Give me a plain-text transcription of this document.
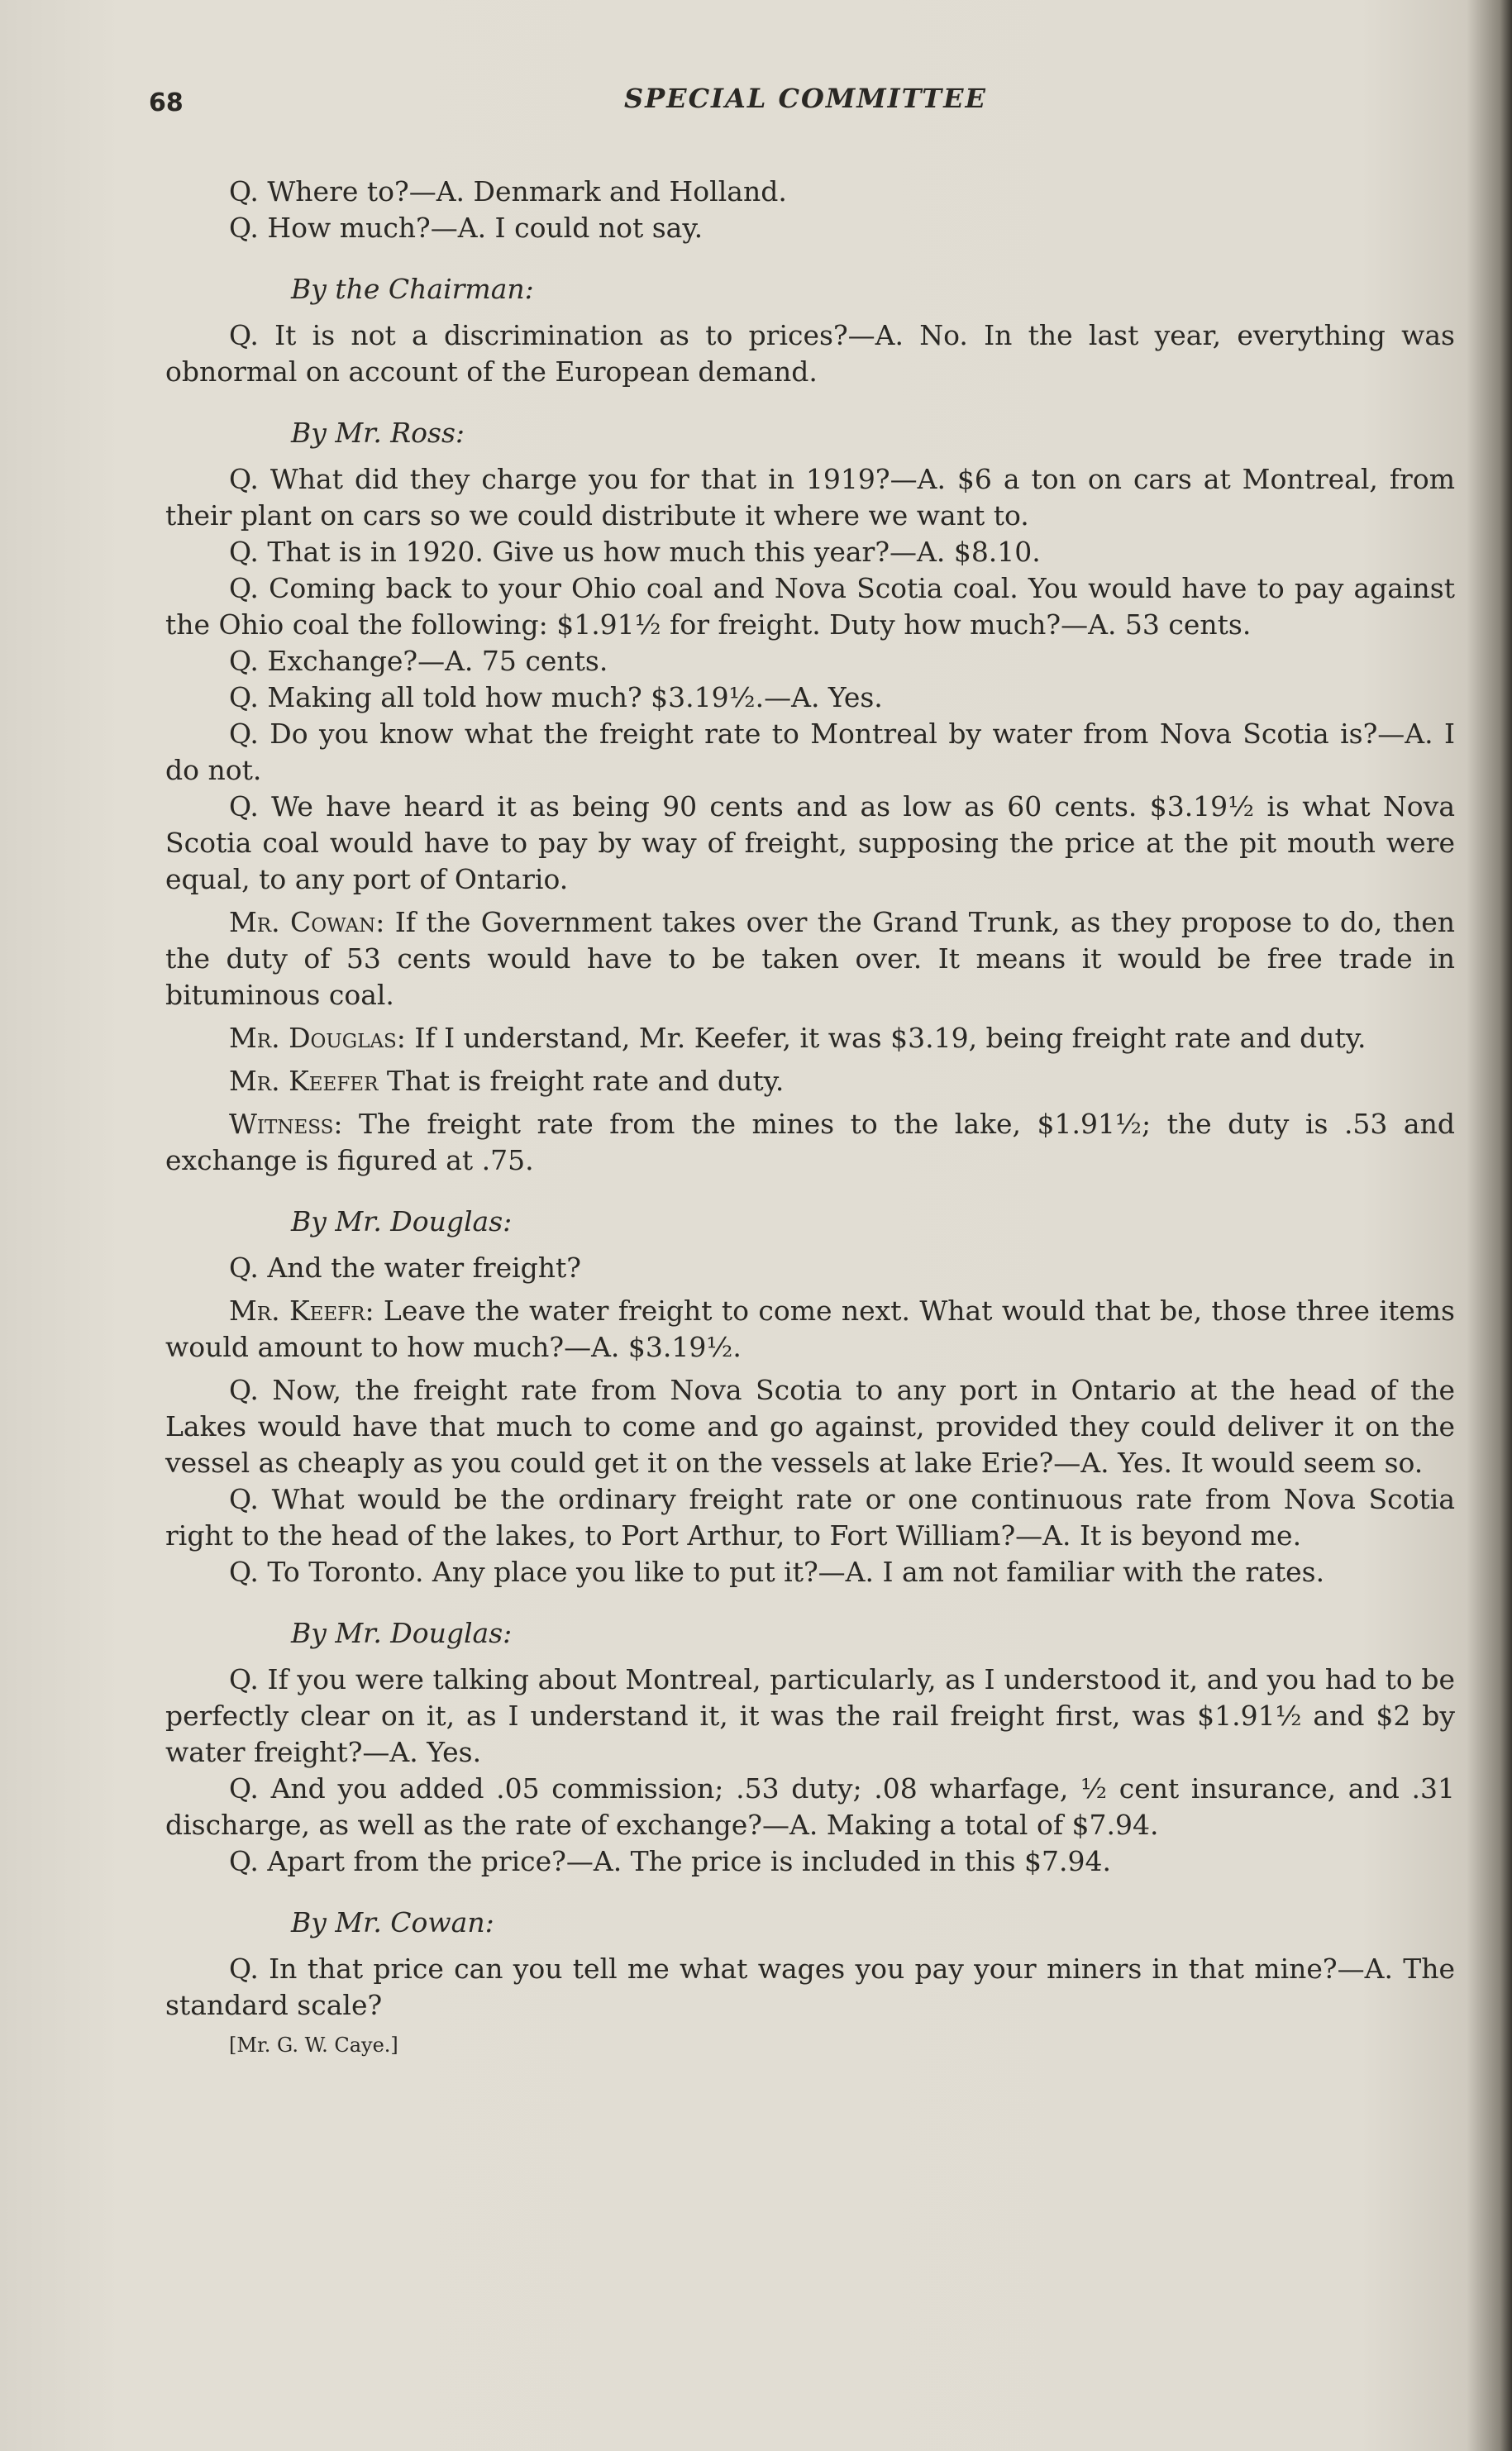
68	SPECIAL COMMITTEE

Q. Where to?—A. Denmark and Holland.

Q. How much?—A. I could not say.

By the Chairman:

Q. It is not a discrimination as to prices?—A. No. In the last year, everything was obnormal on account of the European demand.

By Mr. Ross:

Q. What did they charge you for that in 1919?—A. $6 a ton on cars at Montreal, from their plant on cars so we could distribute it where we want to.

Q. That is in 1920. Give us how much this year?—A. $8.10.

Q. Coming back to your Ohio coal and Nova Scotia coal. You would have to pay against the Ohio coal the following: $1.91½ for freight. Duty how much?—A. 53 cents.

Q. Exchange?—A. 75 cents.

Q. Making all told how much? $3.19½.—A. Yes.

Q. Do you know what the freight rate to Montreal by water from Nova Scotia is?—A. I do not.

Q. We have heard it as being 90 cents and as low as 60 cents. $3.19½ is what Nova Scotia coal would have to pay by way of freight, supposing the price at the pit mouth were equal, to any port of Ontario.

Mr. Cowan: If the Government takes over the Grand Trunk, as they propose to do, then the duty of 53 cents would have to be taken over. It means it would be free trade in bituminous coal.

Mr. Douglas: If I understand, Mr. Keefer, it was $3.19, being freight rate and duty.

Mr. Keefer That is freight rate and duty.

Witness: The freight rate from the mines to the lake, $1.91½; the duty is .53 and exchange is figured at .75.

By Mr. Douglas:

Q. And the water freight?

Mr. Keefr: Leave the water freight to come next. What would that be, those three items would amount to how much?—A. $3.19½.

Q. Now, the freight rate from Nova Scotia to any port in Ontario at the head of the Lakes would have that much to come and go against, provided they could deliver it on the vessel as cheaply as you could get it on the vessels at lake Erie?—A. Yes. It would seem so.

Q. What would be the ordinary freight rate or one continuous rate from Nova Scotia right to the head of the lakes, to Port Arthur, to Fort William?—A. It is beyond me.

Q. To Toronto. Any place you like to put it?—A. I am not familiar with the rates.

By Mr. Douglas:

Q. If you were talking about Montreal, particularly, as I understood it, and you had to be perfectly clear on it, as I understand it, it was the rail freight first, was $1.91½ and $2 by water freight?—A. Yes.

Q. And you added .05 commission; .53 duty; .08 wharfage, ½ cent insurance, and .31 discharge, as well as the rate of exchange?—A. Making a total of $7.94.

Q. Apart from the price?—A. The price is included in this $7.94.

By Mr. Cowan:

Q. In that price can you tell me what wages you pay your miners in that mine?—A. The standard scale?

[Mr. G. W. Caye.]
